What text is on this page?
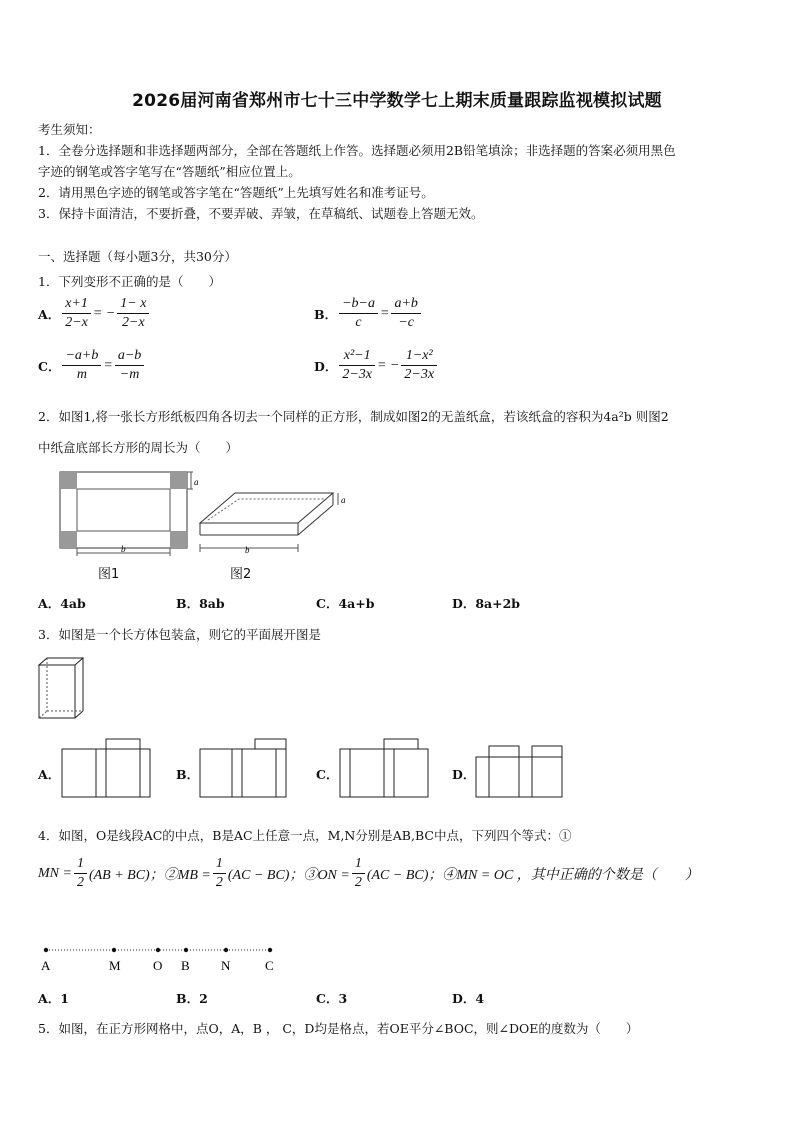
2026届河南省郑州市七十三中学数学七上期末质量跟踪监视模拟试题
考生须知：
1．全卷分选择题和非选择题两部分，全部在答题纸上作答。选择题必须用2B铅笔填涂；非选择题的答案必须用黑色
字迹的钢笔或答字笔写在“答题纸”相应位置上。
2．请用黑色字迹的钢笔或答字笔在“答题纸”上先填写姓名和准考证号。
3．保持卡面清洁，不要折叠，不要弄破、弄皱，在草稿纸、试题卷上答题无效。
一、选择题（每小题3分，共30分）
1．下列变形不正确的是（　　）
A． $\frac{x+1}{2-x}$ = − $\frac{1- x}{2-x}$	B． $\frac{-b-a}{c} = \frac{a+b}{-c}$
C． $\frac{-a+b}{m} = \frac{a-b}{-m}$	D． $\frac{\text{x²−1}}{2-3x}$ = − $\frac{\text{1−x²}}{2-3x}$
2．如图1,将一张长方形纸板四角各切去一个同样的正方形，制成如图2的无盖纸盒，若该纸盒的容积为4a²b 则图2
中纸盒底部长方形的周长为（　　）
a
b
a
b
图1	图2
A．4ab	B．8ab	C．4a+b	D．8a+2b
3．如图是一个长方体包装盒，则它的平面展开图是
A．	B．	C．	D．
4．如图，O是线段AC的中点，B是AC上任意一点，M,N分别是AB,BC中点，下列四个等式：①
MN = $\frac{1}{2} (AB + BC)$；②MB = $\frac{1}{2} (AC - BC)$；③ON = $\frac{1}{2} (AC - BC)$；④MN = OC ，其中正确的个数是（　　）
A	M O B N	C
A．1	B．2	C．3	D．4
5．如图，在正方形网格中，点O，A，B ， C，D均是格点，若OE平分∠BOC，则∠DOE的度数为（　　）
